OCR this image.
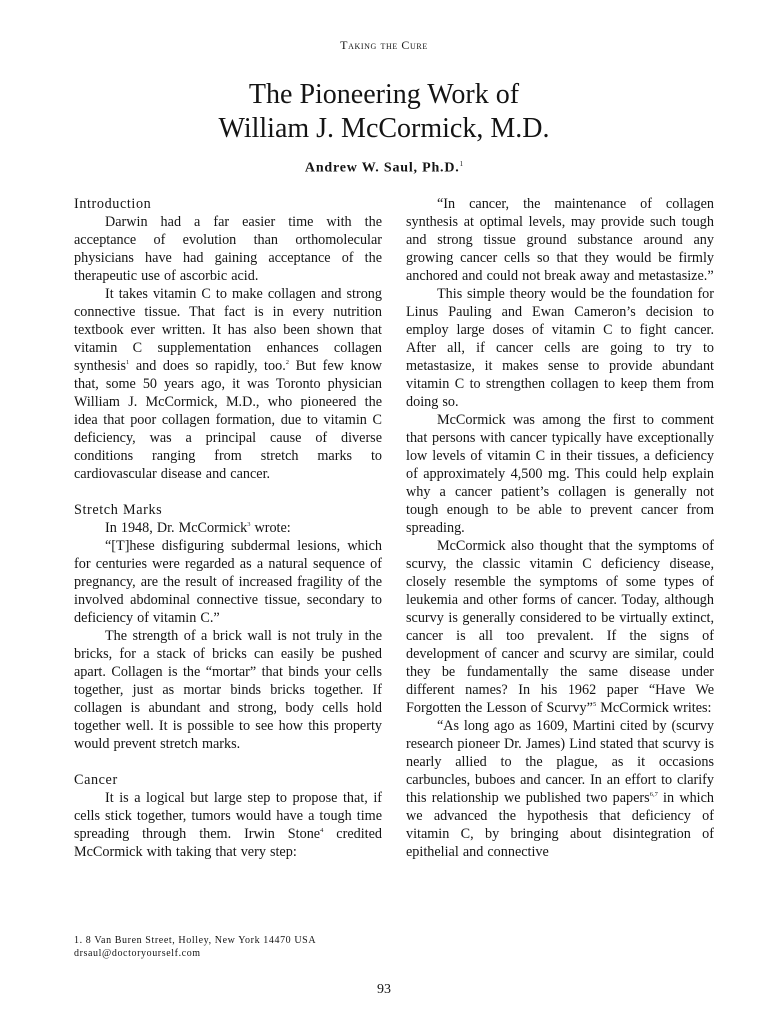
Taking the Cure
The Pioneering Work of
William J. McCormick, M.D.
Andrew W. Saul, Ph.D.$^1$
Introduction

Darwin had a far easier time with the acceptance of evolution than orthomolecular physicians have had gaining acceptance of the therapeutic use of ascorbic acid.

It takes vitamin C to make collagen and strong connective tissue. That fact is in every nutrition textbook ever written. It has also been shown that vitamin C supplementation enhances collagen synthesis$^1$ and does so rapidly, too.$^2$ But few know that, some 50 years ago, it was Toronto physician William J. McCormick, M.D., who pioneered the idea that poor collagen formation, due to vitamin C deficiency, was a principal cause of diverse conditions ranging from stretch marks to cardiovascular disease and cancer.

Stretch Marks

In 1948, Dr. McCormick$^3$ wrote:

“[T]hese disfiguring subdermal lesions, which for centuries were regarded as a natural sequence of pregnancy, are the result of increased fragility of the involved abdominal connective tissue, secondary to deficiency of vitamin C.”

The strength of a brick wall is not truly in the bricks, for a stack of bricks can easily be pushed apart. Collagen is the “mortar” that binds your cells together, just as mortar binds bricks together. If collagen is abundant and strong, body cells hold together well. It is possible to see how this property would prevent stretch marks.

Cancer

It is a logical but large step to propose that, if cells stick together, tumors would have a tough time spreading through them. Irwin Stone$^4$ credited McCormick with taking that very step:

“In cancer, the maintenance of collagen synthesis at optimal levels, may provide such tough and strong tissue ground substance around any growing cancer cells so that they would be firmly anchored and could not break away and metastasize.”

This simple theory would be the foundation for Linus Pauling and Ewan Cameron’s decision to employ large doses of vitamin C to fight cancer. After all, if cancer cells are going to try to metastasize, it makes sense to provide abundant vitamin C to strengthen collagen to keep them from doing so.

McCormick was among the first to comment that persons with cancer typically have exceptionally low levels of vitamin C in their tissues, a deficiency of approximately 4,500 mg. This could help explain why a cancer patient’s collagen is generally not tough enough to be able to prevent cancer from spreading.

McCormick also thought that the symptoms of scurvy, the classic vitamin C deficiency disease, closely resemble the symptoms of some types of leukemia and other forms of cancer. Today, although scurvy is generally considered to be virtually extinct, cancer is all too prevalent. If the signs of development of cancer and scurvy are similar, could they be fundamentally the same disease under different names? In his 1962 paper “Have We Forgotten the Lesson of Scurvy”$^5$ McCormick writes:

“As long ago as 1609, Martini cited by (scurvy research pioneer Dr. James) Lind stated that scurvy is nearly allied to the plague, as it occasions carbuncles, buboes and cancer. In an effort to clarify this relationship we published two papers$^{6,7}$ in which we advanced the hypothesis that deficiency of vitamin C, by bringing about disintegration of epithelial and connective

1. 8 Van Buren Street, Holley, New York 14470 USA
drsaul@doctoryourself.com
93
